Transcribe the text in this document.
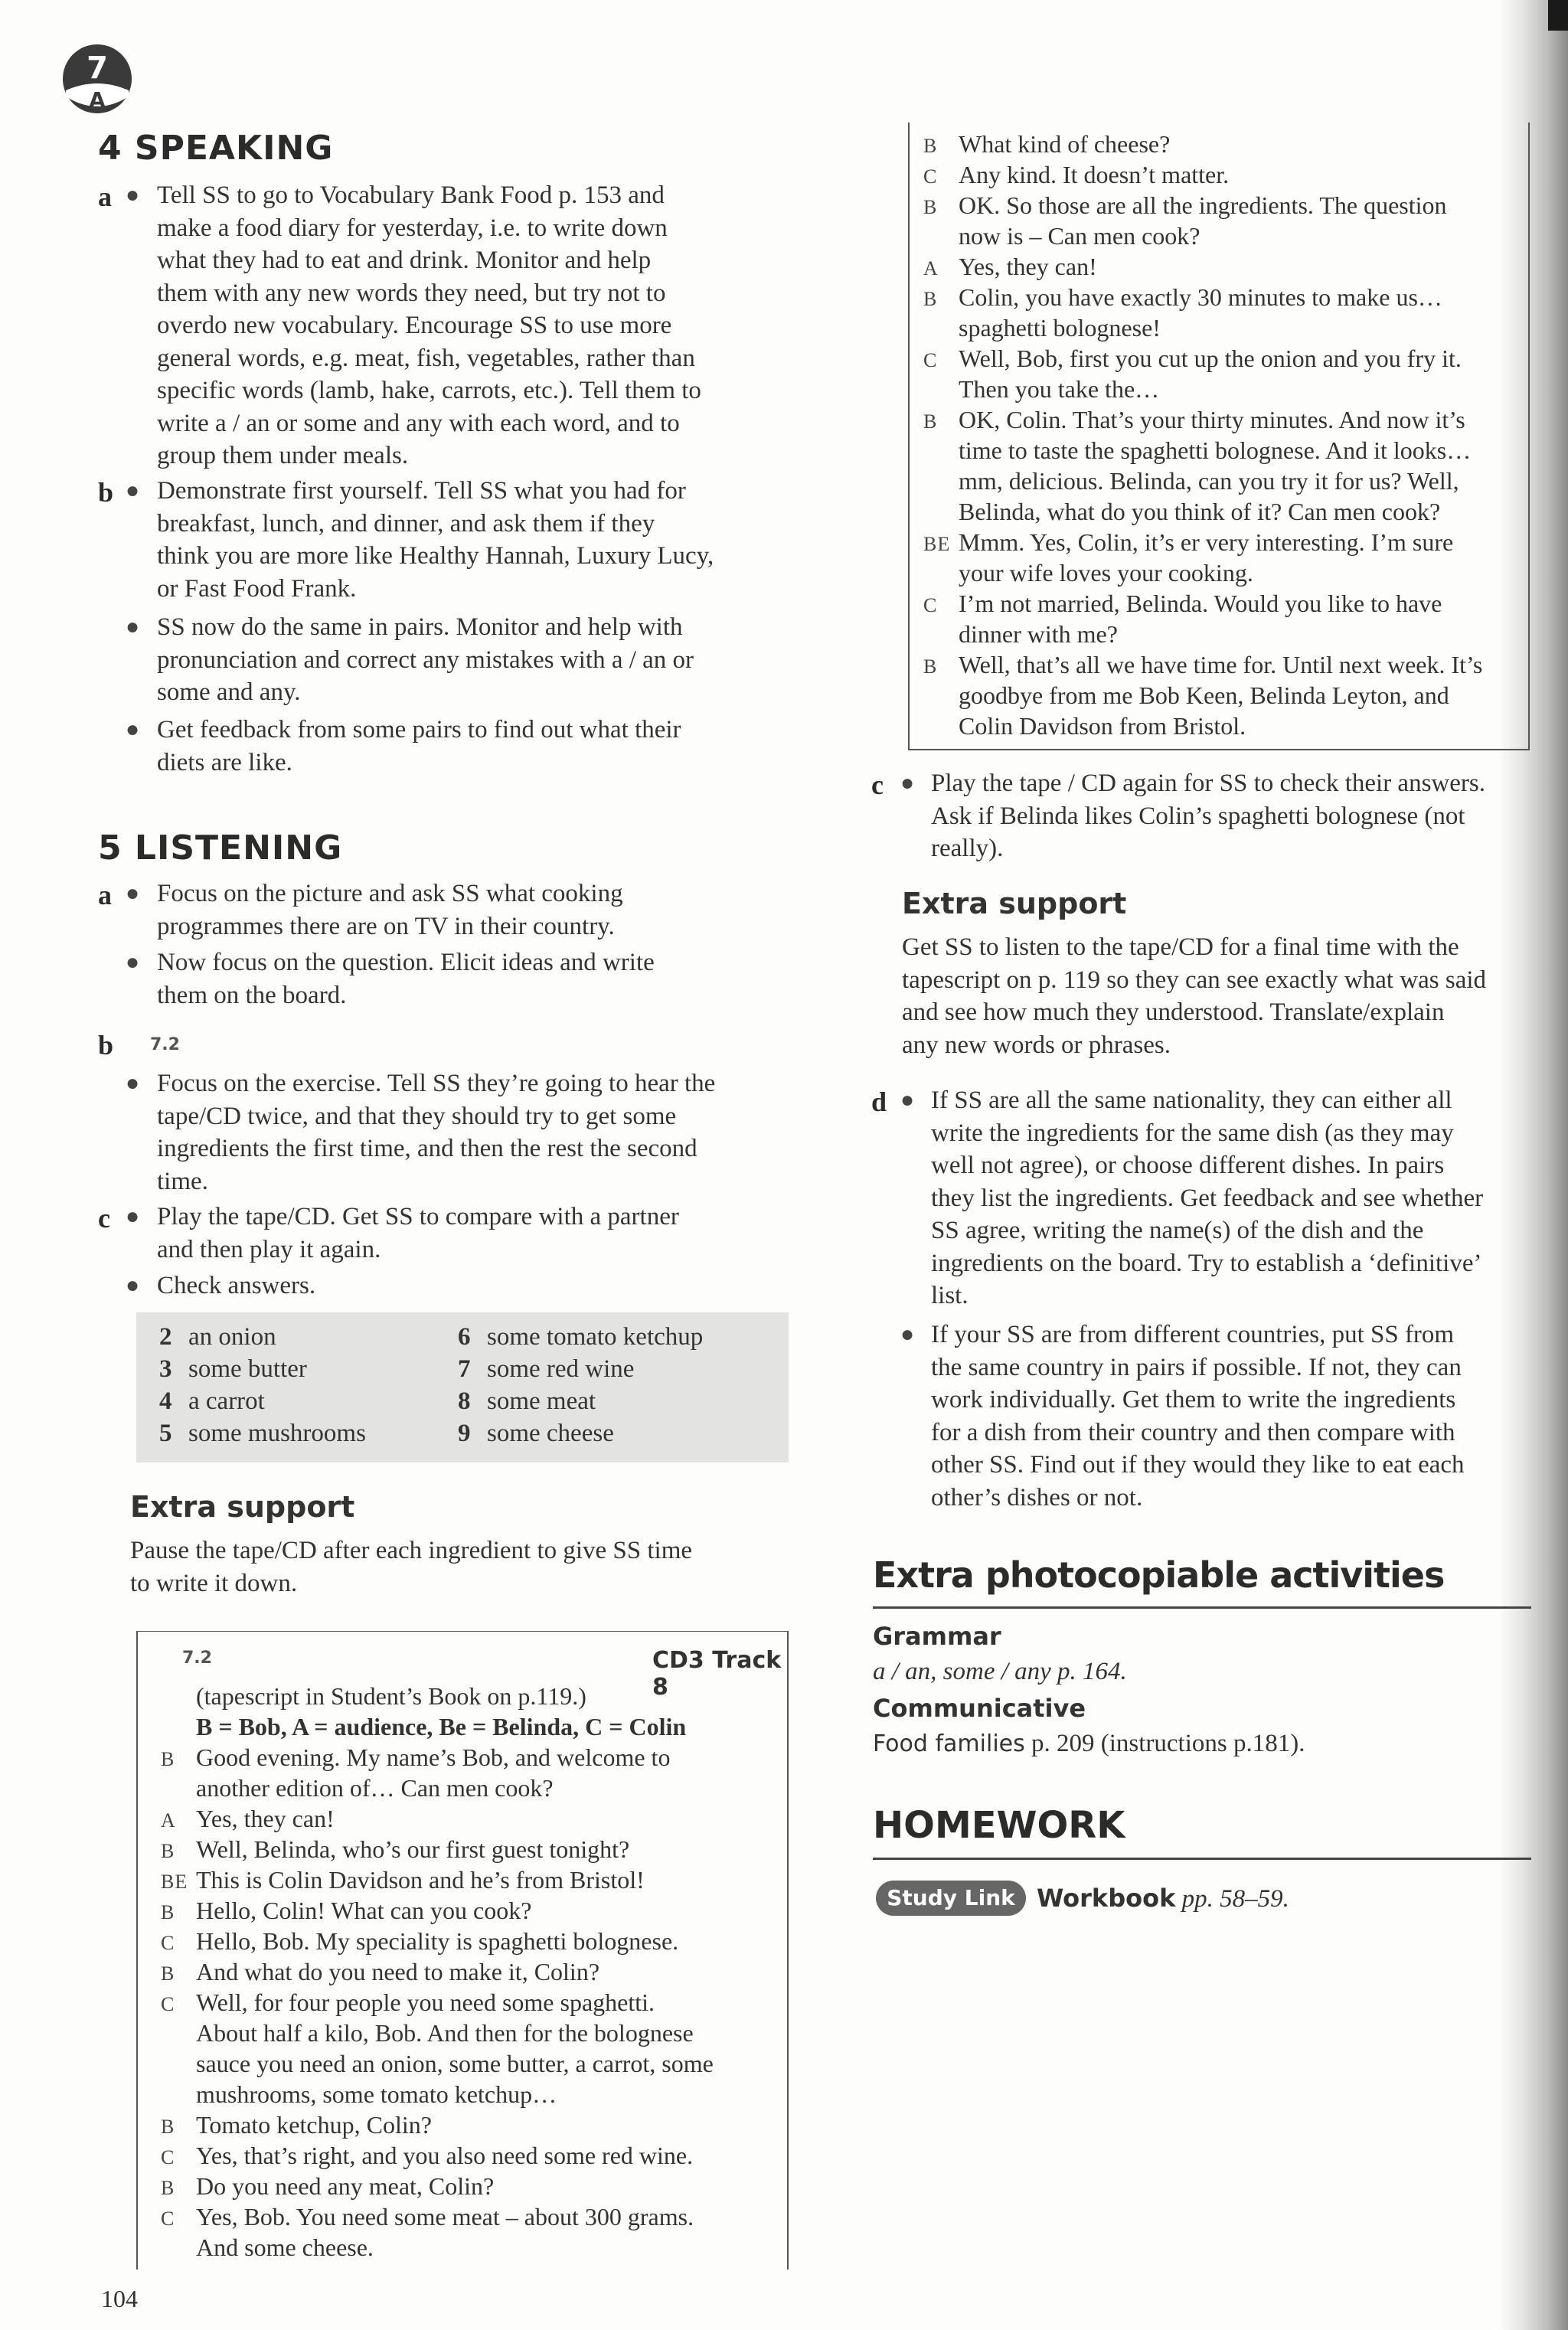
7
A
4 SPEAKING
a ● Tell SS to go to Vocabulary Bank Food p. 153 and
make a food diary for yesterday, i.e. to write down
what they had to eat and drink. Monitor and help
them with any new words they need, but try not to
overdo new vocabulary. Encourage SS to use more
general words, e.g. meat, fish, vegetables, rather than
specific words (lamb, hake, carrots, etc.). Tell them to
write a / an or some and any with each word, and to
group them under meals.
b ● Demonstrate first yourself. Tell SS what you had for
breakfast, lunch, and dinner, and ask them if they
think you are more like Healthy Hannah, Luxury Lucy,
or Fast Food Frank.
● SS now do the same in pairs. Monitor and help with
pronunciation and correct any mistakes with a / an or
some and any.
● Get feedback from some pairs to find out what their
diets are like.
5 LISTENING
a ● Focus on the picture and ask SS what cooking
programmes there are on TV in their country.
● Now focus on the question. Elicit ideas and write
them on the board.
b 7.2
● Focus on the exercise. Tell SS they’re going to hear the
tape/CD twice, and that they should try to get some
ingredients the first time, and then the rest the second
time.
c ● Play the tape/CD. Get SS to compare with a partner
and then play it again.
● Check answers.
2 an onion
3 some butter
4 a carrot
5 some mushrooms
6 some tomato ketchup
7 some red wine
8 some meat
9 some cheese
Extra support
Pause the tape/CD after each ingredient to give SS time
to write it down.
7.2	CD3 Track 8
(tapescript in Student’s Book on p.119.)
B = Bob, A = audience, Be = Belinda, C = Colin
B Good evening. My name’s Bob, and welcome to
another edition of… Can men cook?
A Yes, they can!
B Well, Belinda, who’s our first guest tonight?
BE This is Colin Davidson and he’s from Bristol!
B Hello, Colin! What can you cook?
C Hello, Bob. My speciality is spaghetti bolognese.
B And what do you need to make it, Colin?
C Well, for four people you need some spaghetti.
About half a kilo, Bob. And then for the bolognese
sauce you need an onion, some butter, a carrot, some
mushrooms, some tomato ketchup…
B Tomato ketchup, Colin?
C Yes, that’s right, and you also need some red wine.
B Do you need any meat, Colin?
C Yes, Bob. You need some meat – about 300 grams.
And some cheese.
104
B What kind of cheese?
C Any kind. It doesn’t matter.
B OK. So those are all the ingredients. The question
now is – Can men cook?
A Yes, they can!
B Colin, you have exactly 30 minutes to make us…
spaghetti bolognese!
C Well, Bob, first you cut up the onion and you fry it.
Then you take the…
B OK, Colin. That’s your thirty minutes. And now it’s
time to taste the spaghetti bolognese. And it looks…
mm, delicious. Belinda, can you try it for us? Well,
Belinda, what do you think of it? Can men cook?
BE Mmm. Yes, Colin, it’s er very interesting. I’m sure
your wife loves your cooking.
C I’m not married, Belinda. Would you like to have
dinner with me?
B Well, that’s all we have time for. Until next week. It’s
goodbye from me Bob Keen, Belinda Leyton, and
Colin Davidson from Bristol.
c ● Play the tape / CD again for SS to check their answers.
Ask if Belinda likes Colin’s spaghetti bolognese (not
really).
Extra support
Get SS to listen to the tape/CD for a final time with the
tapescript on p. 119 so they can see exactly what was said
and see how much they understood. Translate/explain
any new words or phrases.
d ● If SS are all the same nationality, they can either all
write the ingredients for the same dish (as they may
well not agree), or choose different dishes. In pairs
they list the ingredients. Get feedback and see whether
SS agree, writing the name(s) of the dish and the
ingredients on the board. Try to establish a ‘definitive’
list.
● If your SS are from different countries, put SS from
the same country in pairs if possible. If not, they can
work individually. Get them to write the ingredients
for a dish from their country and then compare with
other SS. Find out if they would they like to eat each
other’s dishes or not.
Extra photocopiable activities
Grammar
a / an, some / any p. 164.
Communicative
Food families p. 209 (instructions p.181).
HOMEWORK
Study Link Workbook pp. 58–59.
